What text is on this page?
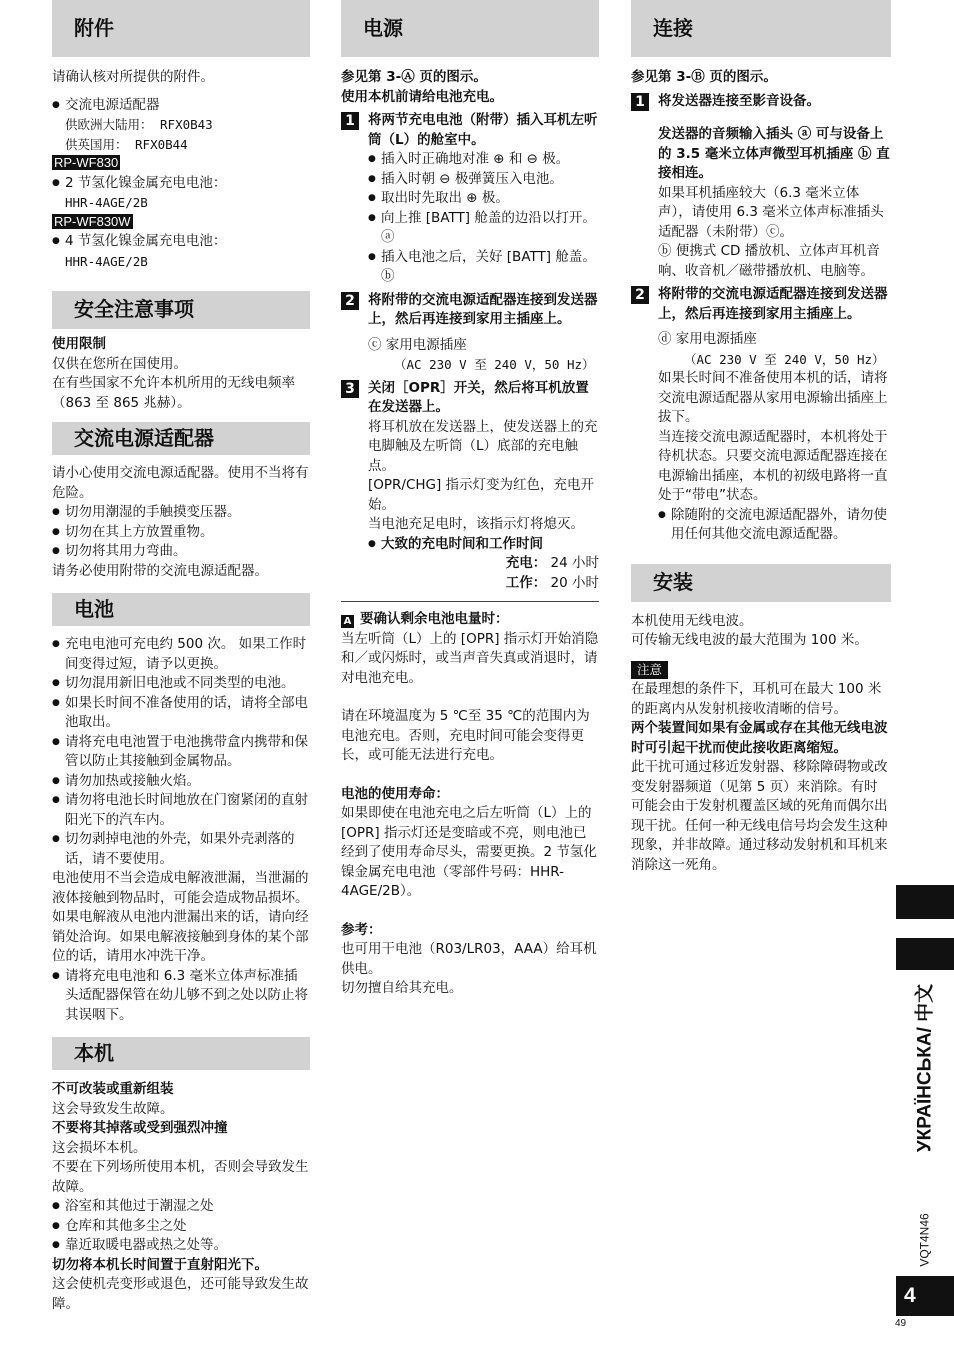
附件

请确认核对所提供的附件。

● 交流电源适配器

供欧洲大陆用： RFX0B43

供英国用： RFX0B44

RP-WF830

● 2 节氢化镍金属充电电池：

HHR-4AGE/2B

RP-WF830W

● 4 节氢化镍金属充电电池：

HHR-4AGE/2B

安全注意事项

使用限制

仅供在您所在国使用。

在有些国家不允许本机所用的无线电频率（863 至 865 兆赫）。

交流电源适配器

请小心使用交流电源适配器。使用不当将有危险。

● 切勿用潮湿的手触摸变压器。

● 切勿在其上方放置重物。

● 切勿将其用力弯曲。

请务必使用附带的交流电源适配器。

电池

● 充电电池可充电约 500 次。 如果工作时间变得过短，请予以更换。

● 切勿混用新旧电池或不同类型的电池。

● 如果长时间不准备使用的话，请将全部电池取出。

● 请将充电电池置于电池携带盒内携带和保管以防止其接触到金属物品。

● 请勿加热或接触火焰。

● 请勿将电池长时间地放在门窗紧闭的直射阳光下的汽车内。

● 切勿剥掉电池的外壳，如果外壳剥落的话，请不要使用。

电池使用不当会造成电解液泄漏，当泄漏的液体接触到物品时，可能会造成物品损坏。如果电解液从电池内泄漏出来的话，请向经销处洽询。如果电解液接触到身体的某个部位的话，请用水冲洗干净。

● 请将充电电池和 6.3 毫米立体声标准插头适配器保管在幼儿够不到之处以防止将其误咽下。

本机

不可改装或重新组装

这会导致发生故障。

不要将其掉落或受到强烈冲撞

这会损坏本机。

不要在下列场所使用本机，否则会导致发生故障。

● 浴室和其他过于潮湿之处

● 仓库和其他多尘之处

● 靠近取暖电器或热之处等。

切勿将本机长时间置于直射阳光下。

这会使机壳变形或退色，还可能导致发生故障。

电源

参见第 3-Ⓐ 页的图示。

使用本机前请给电池充电。

1 将两节充电电池（附带）插入耳机左听筒（L）的舱室中。

● 插入时正确地对准 ⊕ 和 ⊖ 极。

● 插入时朝 ⊖ 极弹簧压入电池。

● 取出时先取出 ⊕ 极。

● 向上推 [BATT] 舱盖的边沿以打开。ⓐ

● 插入电池之后，关好 [BATT] 舱盖。ⓑ

2 将附带的交流电源适配器连接到发送器上，然后再连接到家用主插座上。

ⓒ 家用电源插座

（AC 230 V 至 240 V，50 Hz）

3 关闭［OPR］开关，然后将耳机放置在发送器上。

将耳机放在发送器上，使发送器上的充电脚触及左听筒（L）底部的充电触点。

[OPR/CHG] 指示灯变为红色，充电开始。

当电池充足电时，该指示灯将熄灭。

● 大致的充电时间和工作时间

充电： 24 小时

工作： 20 小时

A 要确认剩余电池电量时：

当左听筒（L）上的 [OPR] 指示灯开始消隐和／或闪烁时，或当声音失真或消退时，请对电池充电。

请在环境温度为 5 ℃至 35 ℃的范围内为电池充电。否则，充电时间可能会变得更长，或可能无法进行充电。

电池的使用寿命：

如果即使在电池充电之后左听筒（L）上的 [OPR] 指示灯还是变暗或不亮，则电池已经到了使用寿命尽头，需要更换。2 节氢化镍金属充电电池（零部件号码：HHR-4AGE/2B）。

参考：

也可用干电池（R03/LR03，AAA）给耳机供电。

切勿擅自给其充电。

连接

参见第 3-Ⓑ 页的图示。

1 将发送器连接至影音设备。

发送器的音频输入插头 ⓐ 可与设备上的 3.5 毫米立体声微型耳机插座 ⓑ 直接相连。

如果耳机插座较大（6.3 毫米立体声），请使用 6.3 毫米立体声标准插头适配器（未附带）ⓒ。

ⓑ 便携式 CD 播放机、立体声耳机音响、收音机／磁带播放机、电脑等。

2 将附带的交流电源适配器连接到发送器上，然后再连接到家用主插座上。

ⓓ 家用电源插座

（AC 230 V 至 240 V，50 Hz）

如果长时间不准备使用本机的话，请将交流电源适配器从家用电源输出插座上拔下。

当连接交流电源适配器时，本机将处于待机状态。只要交流电源适配器连接在电源输出插座，本机的初级电路将一直处于“带电”状态。

● 除随附的交流电源适配器外，请勿使用任何其他交流电源适配器。

安装

本机使用无线电波。

可传输无线电波的最大范围为 100 米。

注意

在最理想的条件下，耳机可在最大 100 米的距离内从发射机接收清晰的信号。

两个装置间如果有金属或存在其他无线电波时可引起干扰而使此接收距离缩短。

此干扰可通过移近发射器、移除障碍物或改变发射器频道（见第 5 页）来消除。有时可能会由于发射机覆盖区域的死角而偶尔出现干扰。任何一种无线电信号均会发生这种现象，并非故障。通过移动发射机和耳机来消除这一死角。

УКРАЇНСЬКА/ 中文
VQT4N46
4
49
